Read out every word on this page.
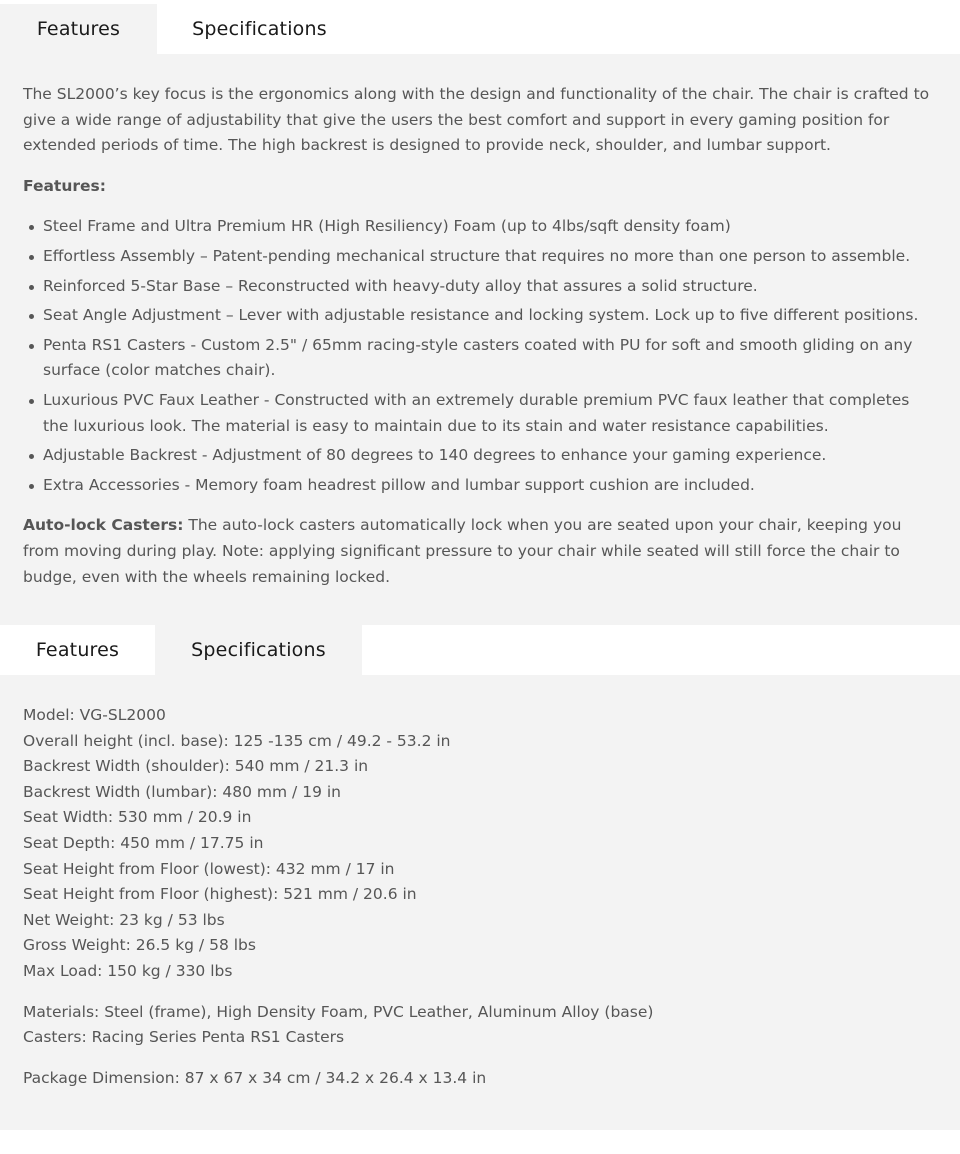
Features	Specifications

The SL2000’s key focus is the ergonomics along with the design and functionality of the chair. The chair is crafted to give a wide range of adjustability that give the users the best comfort and support in every gaming position for extended periods of time. The high backrest is designed to provide neck, shoulder, and lumbar support.

Features:

Steel Frame and Ultra Premium HR (High Resiliency) Foam (up to 4lbs/sqft density foam)
Effortless Assembly – Patent-pending mechanical structure that requires no more than one person to assemble.
Reinforced 5-Star Base – Reconstructed with heavy-duty alloy that assures a solid structure.
Seat Angle Adjustment – Lever with adjustable resistance and locking system. Lock up to five different positions.
Penta RS1 Casters - Custom 2.5" / 65mm racing-style casters coated with PU for soft and smooth gliding on any surface (color matches chair).
Luxurious PVC Faux Leather - Constructed with an extremely durable premium PVC faux leather that completes the luxurious look. The material is easy to maintain due to its stain and water resistance capabilities.
Adjustable Backrest - Adjustment of 80 degrees to 140 degrees to enhance your gaming experience.
Extra Accessories - Memory foam headrest pillow and lumbar support cushion are included.

Auto-lock Casters: The auto-lock casters automatically lock when you are seated upon your chair, keeping you from moving during play. Note: applying significant pressure to your chair while seated will still force the chair to budge, even with the wheels remaining locked.

Features	Specifications
Model: VG-SL2000
Overall height (incl. base): 125 -135 cm / 49.2 - 53.2 in
Backrest Width (shoulder): 540 mm / 21.3 in
Backrest Width (lumbar): 480 mm / 19 in
Seat Width: 530 mm / 20.9 in
Seat Depth: 450 mm / 17.75 in
Seat Height from Floor (lowest): 432 mm / 17 in
Seat Height from Floor (highest): 521 mm / 20.6 in
Net Weight: 23 kg / 53 lbs
Gross Weight: 26.5 kg / 58 lbs
Max Load: 150 kg / 330 lbs
Materials: Steel (frame), High Density Foam, PVC Leather, Aluminum Alloy (base)
Casters: Racing Series Penta RS1 Casters
Package Dimension: 87 x 67 x 34 cm / 34.2 x 26.4 x 13.4 in
